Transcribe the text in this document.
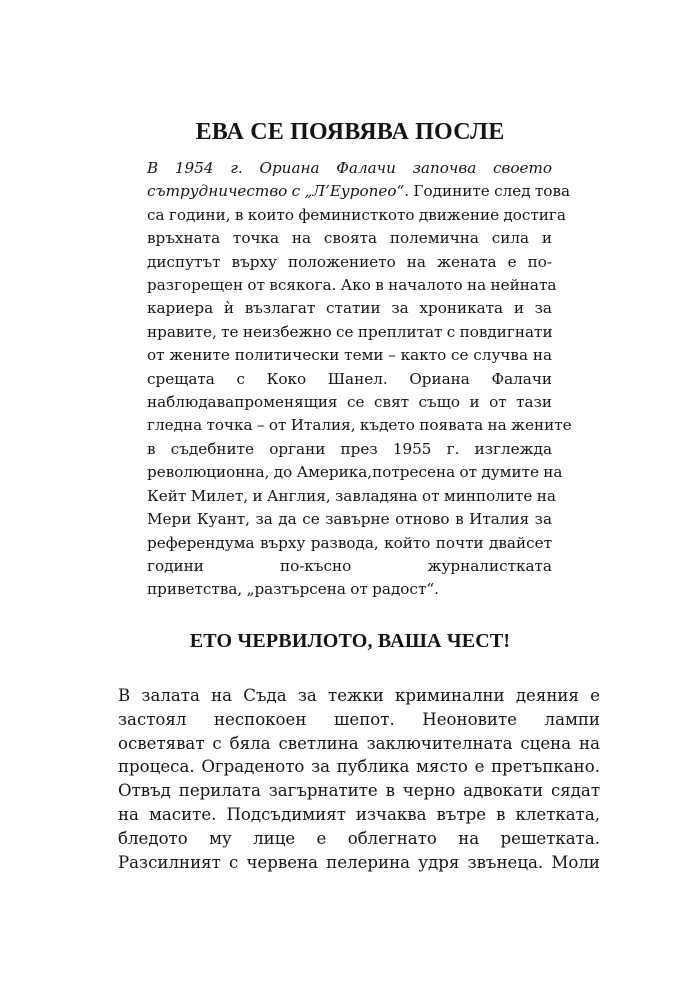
ЕВА СЕ ПОЯВЯВА ПОСЛЕ
В 1954 г. Ориана Фалачи започва своето
сътрудничество с „Л’Еуропео“. Годините след това
са години, в които феминисткото движение достига
връхната точка на своята полемична сила и
диспутът върху положението на жената е по-
разгорещен от всякога. Ако в началото на нейната
кариера ѝ възлагат статии за хрониката и за
нравите, те неизбежно се преплитат с повдигнати
от жените политически теми – както се случва на
срещата с Коко Шанел. Ориана Фалачи
наблюдавапроменящия се свят също и от тази
гледна точка – от Италия, където появата на жените
в съдебните органи през 1955 г. изглежда
революционна, до Америка,потресена от думите на
Кейт Милет, и Англия, завладяна от минполите на
Мери Куант, за да се завърне отново в Италия за
референдума върху развода, който почти двайсет
години по-късно журналистката
приветства, „разтърсена от радост“.
ЕТО ЧЕРВИЛОТО, ВАША ЧЕСТ!
В залата на Съда за тежки криминални деяния е
застоял неспокоен шепот. Неоновите лампи
осветяват с бяла светлина заключителната сцена на
процеса. Ограденото за публика място е претъпкано.
Отвъд перилата загърнатите в черно адвокати сядат
на масите. Подсъдимият изчаква вътре в клетката,
бледото му лице е облегнато на решетката.
Разсилният с червена пелерина удря звънеца. Моли
